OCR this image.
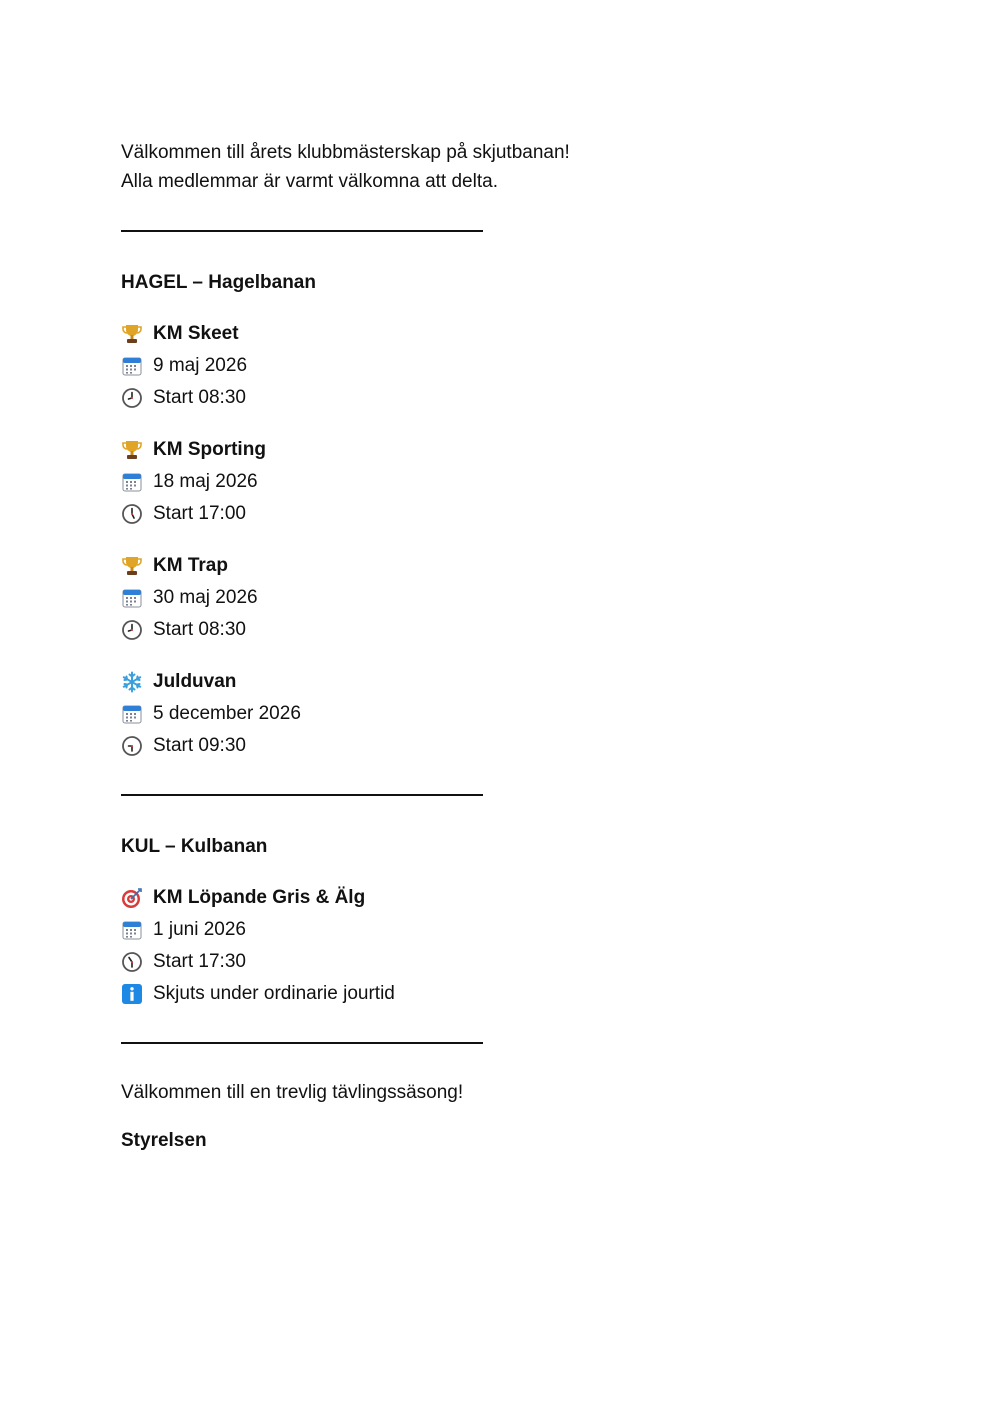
Välkommen till årets klubbmästerskap på skjutbanan!

Alla medlemmar är varmt välkomna att delta.

HAGEL – Hagelbanan
KM Skeet
9 maj 2026
Start 08:30
KM Sporting
18 maj 2026
Start 17:00
KM Trap
30 maj 2026
Start 08:30
Julduvan
5 december 2026
Start 09:30
KUL – Kulbanan
KM Löpande Gris & Älg
1 juni 2026
Start 17:30
Skjuts under ordinarie jourtid

Välkommen till en trevlig tävlingssäsong!

Styrelsen
